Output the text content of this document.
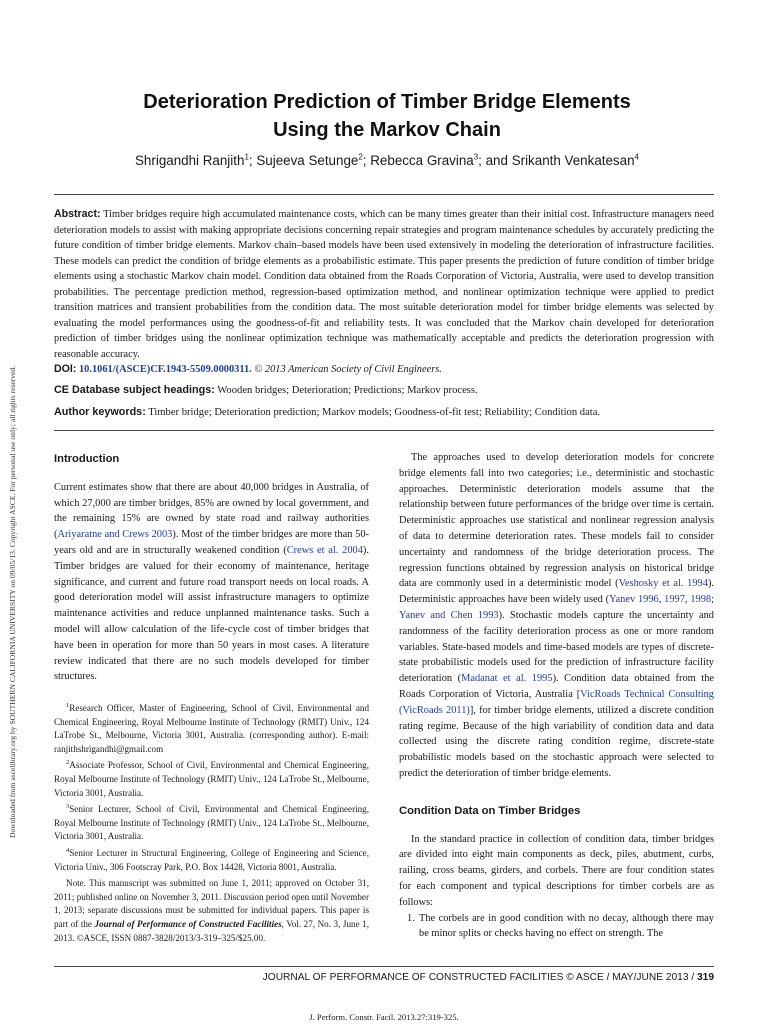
Downloaded from ascelibrary.org by SOUTHERN CALIFORNIA UNIVERSITY on 09/05/13. Copyright ASCE. For personal use only; all rights reserved.
Deterioration Prediction of Timber Bridge Elements
Using the Markov Chain
Shrigandhi Ranjith$^1$; Sujeeva Setunge$^2$; Rebecca Gravina$^3$; and Srikanth Venkatesan$^4$
Abstract: Timber bridges require high accumulated maintenance costs, which can be many times greater than their initial cost. Infrastructure managers need deterioration models to assist with making appropriate decisions concerning repair strategies and program maintenance schedules by accurately predicting the future condition of timber bridge elements. Markov chain–based models have been used extensively in modeling the deterioration of infrastructure facilities. These models can predict the condition of bridge elements as a probabilistic estimate. This paper presents the prediction of future condition of timber bridge elements using a stochastic Markov chain model. Condition data obtained from the Roads Corporation of Victoria, Australia, were used to develop transition probabilities. The percentage prediction method, regression-based optimization method, and nonlinear optimization technique were applied to predict transition matrices and transient probabilities from the condition data. The most suitable deterioration model for timber bridge elements was selected by evaluating the model performances using the goodness-of-fit and reliability tests. It was concluded that the Markov chain developed for deterioration prediction of timber bridges using the nonlinear optimization technique was mathematically acceptable and predicts the deterioration progression with reasonable accuracy.
DOI: 10.1061/(ASCE)CF.1943-5509.0000311. © 2013 American Society of Civil Engineers.
CE Database subject headings: Wooden bridges; Deterioration; Predictions; Markov process.
Author keywords: Timber bridge; Deterioration prediction; Markov models; Goodness-of-fit test; Reliability; Condition data.
Introduction

Current estimates show that there are about 40,000 bridges in Australia, of which 27,000 are timber bridges, 85% are owned by local government, and the remaining 15% are owned by state road and railway authorities (Ariyaratne and Crews 2003). Most of the timber bridges are more than 50-years old and are in structurally weakened condition (Crews et al. 2004). Timber bridges are valued for their economy of maintenance, heritage significance, and current and future road transport needs on local roads. A good deterioration model will assist infrastructure managers to optimize maintenance activities and reduce unplanned maintenance tasks. Such a model will allow calculation of the life-cycle cost of timber bridges that have been in operation for more than 50 years in most cases. A literature review indicated that there are no such models developed for timber structures.

$^1$Research Officer, Master of Engineering, School of Civil, Environmental and Chemical Engineering, Royal Melbourne Institute of Technology (RMIT) Univ., 124 LaTrobe St., Melbourne, Victoria 3001, Australia. (corresponding author). E-mail: ranjithshrigandhi@gmail.com

$^2$Associate Professor, School of Civil, Environmental and Chemical Engineering, Royal Melbourne Institute of Technology (RMIT) Univ., 124 LaTrobe St., Melbourne, Victoria 3001, Australia.

$^3$Senior Lecturer, School of Civil, Environmental and Chemical Engineering, Royal Melbourne Institute of Technology (RMIT) Univ., 124 LaTrobe St., Melbourne, Victoria 3001, Australia.

$^4$Senior Lecturer in Structural Engineering, College of Engineering and Science, Victoria Univ., 306 Footscray Park, P.O. Box 14428, Victoria 8001, Australia.

Note. This manuscript was submitted on June 1, 2011; approved on October 31, 2011; published online on November 3, 2011. Discussion period open until November 1, 2013; separate discussions must be submitted for individual papers. This paper is part of the Journal of Performance of Constructed Facilities, Vol. 27, No. 3, June 1, 2013. ©ASCE, ISSN 0887-3828/2013/3-319–325/$25.00.

The approaches used to develop deterioration models for concrete bridge elements fall into two categories; i.e., deterministic and stochastic approaches. Deterministic deterioration models assume that the relationship between future performances of the bridge over time is certain. Deterministic approaches use statistical and nonlinear regression analysis of data to determine deterioration rates. These models fail to consider uncertainty and randomness of the bridge deterioration process. The regression functions obtained by regression analysis on historical bridge data are commonly used in a deterministic model (Veshosky et al. 1994). Deterministic approaches have been widely used (Yanev 1996, 1997, 1998; Yanev and Chen 1993). Stochastic models capture the uncertainty and randomness of the facility deterioration process as one or more random variables. State-based models and time-based models are types of discrete-state probabilistic models used for the prediction of infrastructure facility deterioration (Madanat et al. 1995). Condition data obtained from the Roads Corporation of Victoria, Australia [VicRoads Technical Consulting (VicRoads 2011)], for timber bridge elements, utilized a discrete condition rating regime. Because of the high variability of condition data and data collected using the discrete rating condition regime, discrete-state probabilistic models based on the stochastic approach were selected to predict the deterioration of timber bridge elements.

Condition Data on Timber Bridges

In the standard practice in collection of condition data, timber bridges are divided into eight main components as deck, piles, abutment, curbs, railing, cross beams, girders, and corbels. There are four condition states for each component and typical descriptions for timber corbels are as follows:

1. The corbels are in good condition with no decay, although there may be minor splits or checks having no effect on strength. The

JOURNAL OF PERFORMANCE OF CONSTRUCTED FACILITIES © ASCE / MAY/JUNE 2013 / 319
J. Perform. Constr. Facil. 2013.27:319-325.
